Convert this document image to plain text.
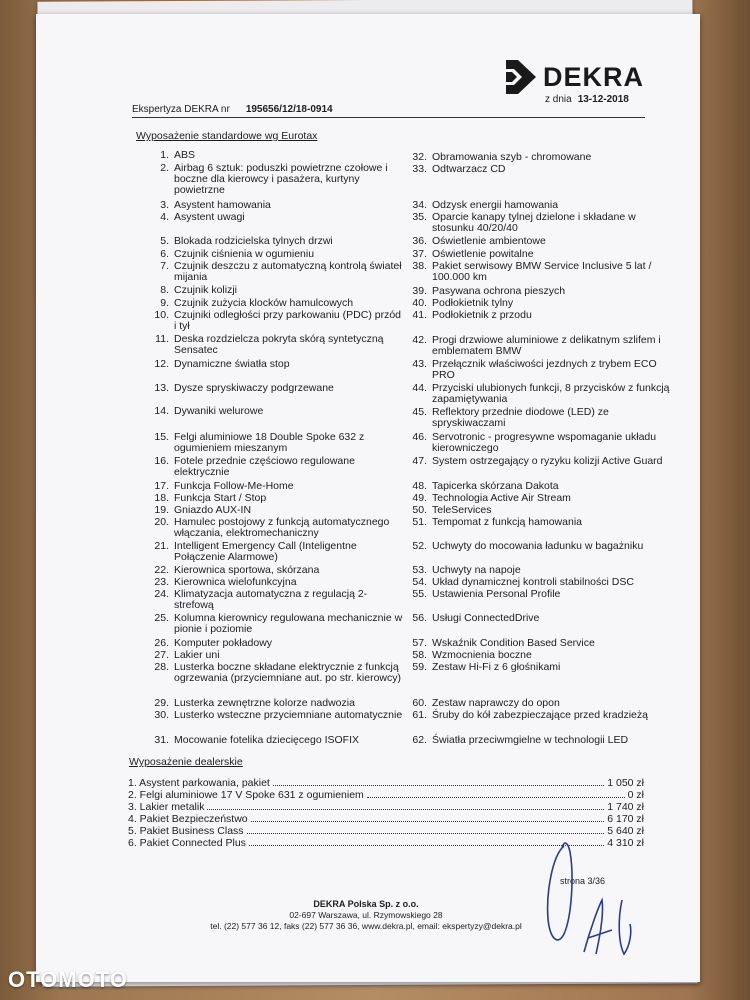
DEKRA
z dnia 13-12-2018
Ekspertyza DEKRA nr 195656/12/18-0914
Wyposażenie standardowe wg Eurotax
1. ABS
2. Airbag 6 sztuk: poduszki powietrzne czołowe i boczne dla kierowcy i pasażera, kurtyny powietrzne
3. Asystent hamowania
4. Asystent uwagi
5. Blokada rodzicielska tylnych drzwi
6. Czujnik ciśnienia w ogumieniu
7. Czujnik deszczu z automatyczną kontrolą świateł mijania
8. Czujnik kolizji
9. Czujnik zużycia klocków hamulcowych
10. Czujniki odległości przy parkowaniu (PDC) przód i tył
11. Deska rozdzielcza pokryta skórą syntetyczną Sensatec
12. Dynamiczne światła stop
13. Dysze spryskiwaczy podgrzewane
14. Dywaniki welurowe
15. Felgi aluminiowe 18 Double Spoke 632 z ogumieniem mieszanym
16. Fotele przednie częściowo regulowane elektrycznie
17. Funkcja Follow-Me-Home
18. Funkcja Start / Stop
19. Gniazdo AUX-IN
20. Hamulec postojowy z funkcją automatycznego włączania, elektromechaniczny
21. Intelligent Emergency Call (Inteligentne Połączenie Alarmowe)
22. Kierownica sportowa, skórzana
23. Kierownica wielofunkcyjna
24. Klimatyzacja automatyczna z regulacją 2-strefową
25. Kolumna kierownicy regulowana mechanicznie w pionie i poziomie
26. Komputer pokładowy
27. Lakier uni
28. Lusterka boczne składane elektrycznie z funkcją ogrzewania (przyciemniane aut. po str. kierowcy)
29. Lusterka zewnętrzne kolorze nadwozia
30. Lusterko wsteczne przyciemniane automatycznie
31. Mocowanie fotelika dziecięcego ISOFIX
32. Obramowania szyb - chromowane
33. Odtwarzacz CD
34. Odzysk energii hamowania
35. Oparcie kanapy tylnej dzielone i składane w stosunku 40/20/40
36. Oświetlenie ambientowe
37. Oświetlenie powitalne
38. Pakiet serwisowy BMW Service Inclusive 5 lat / 100.000 km
39. Pasywana ochrona pieszych
40. Podłokietnik tylny
41. Podłokietnik z przodu
42. Progi drzwiowe aluminiowe z delikatnym szlifem i emblematem BMW
43. Przełącznik właściwości jezdnych z trybem ECO PRO
44. Przyciski ulubionych funkcji, 8 przycisków z funkcją zapamiętywania
45. Reflektory przednie diodowe (LED) ze spryskiwaczami
46. Servotronic - progresywne wspomaganie układu kierowniczego
47. System ostrzegający o ryzyku kolizji Active Guard
48. Tapicerka skórzana Dakota
49. Technologia Active Air Stream
50. TeleServices
51. Tempomat z funkcją hamowania
52. Uchwyty do mocowania ładunku w bagażniku
53. Uchwyty na napoje
54. Układ dynamicznej kontroli stabilności DSC
55. Ustawienia Personal Profile
56. Usługi ConnectedDrive
57. Wskaźnik Condition Based Service
58. Wzmocnienia boczne
59. Zestaw Hi-Fi z 6 głośnikami
60. Zestaw naprawczy do opon
61. Śruby do kół zabezpieczające przed kradzieżą
62. Światła przeciwmgielne w technologii LED
Wyposażenie dealerskie
1. Asystent parkowania, pakiet	1 050 zł
2. Felgi aluminiowe 17 V Spoke 631 z ogumieniem	0 zł
3. Lakier metalik	1 740 zł
4. Pakiet Bezpieczeństwo	6 170 zł
5. Pakiet Business Class	5 640 zł
6. Pakiet Connected Plus	4 310 zł
strona 3/36
DEKRA Polska Sp. z o.o.
02-697 Warszawa, ul. Rzymowskiego 28
tel. (22) 577 36 12, faks (22) 577 36 36, www.dekra.pl, email: ekspertyzy@dekra.pl
OTOMOTO
